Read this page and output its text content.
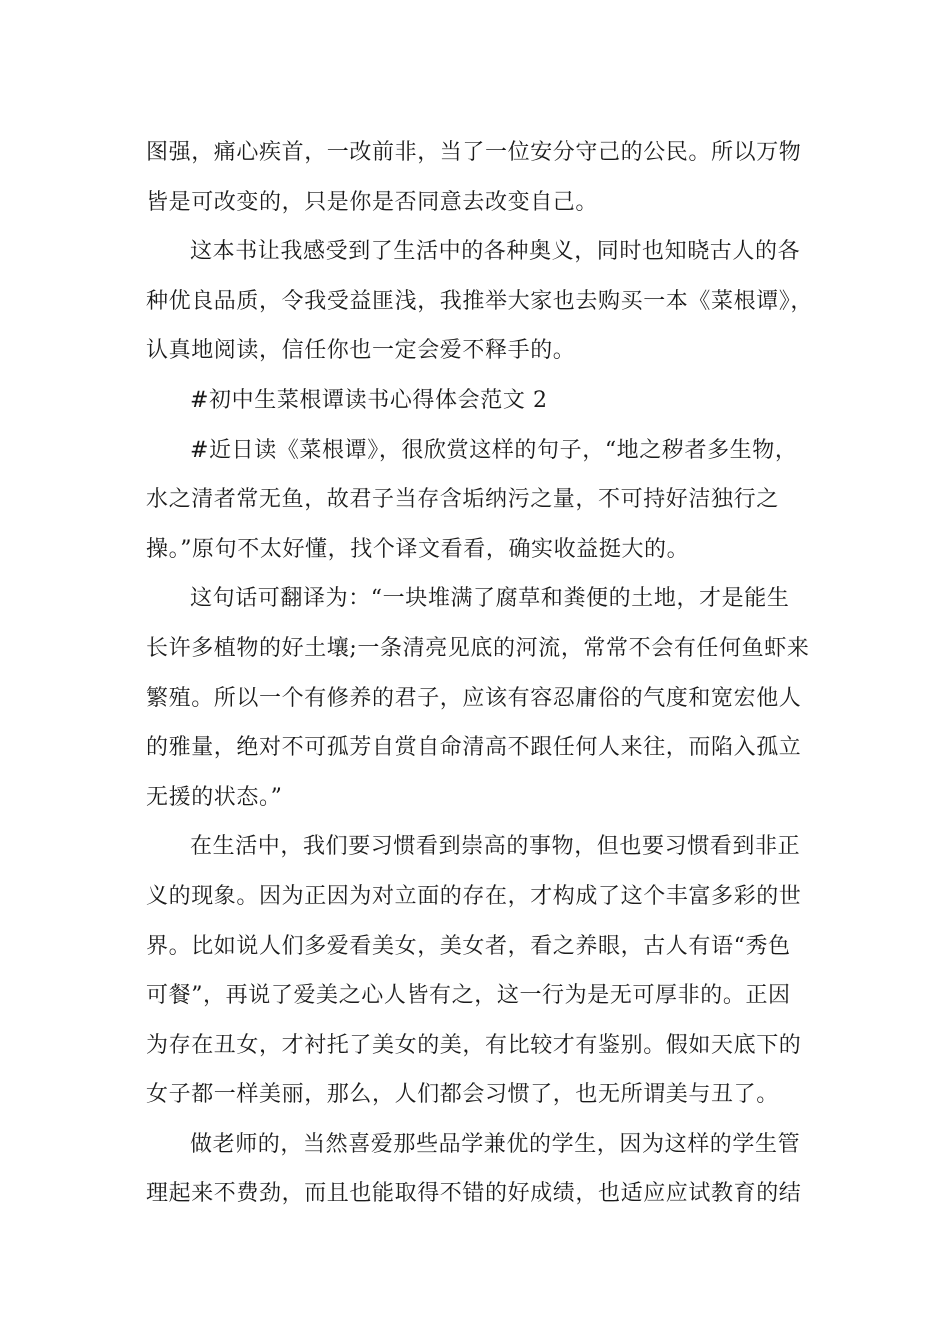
图强，痛心疾首，一改前非，当了一位安分守己的公民。所以万物
皆是可改变的，只是你是否同意去改变自己。
这本书让我感受到了生活中的各种奥义，同时也知晓古人的各
种优良品质，令我受益匪浅，我推举大家也去购买一本《菜根谭》，
认真地阅读，信任你也一定会爱不释手的。
#初中生菜根谭读书心得体会范文 2
#近日读《菜根谭》，很欣赏这样的句子，“地之秽者多生物，
水之清者常无鱼，故君子当存含垢纳污之量，不可持好洁独行之
操。”原句不太好懂，找个译文看看，确实收益挺大的。
这句话可翻译为：“一块堆满了腐草和粪便的土地，才是能生
长许多植物的好土壤;一条清亮见底的河流，常常不会有任何鱼虾来
繁殖。所以一个有修养的君子，应该有容忍庸俗的气度和宽宏他人
的雅量，绝对不可孤芳自赏自命清高不跟任何人来往，而陷入孤立
无援的状态。”
在生活中，我们要习惯看到崇高的事物，但也要习惯看到非正
义的现象。因为正因为对立面的存在，才构成了这个丰富多彩的世
界。比如说人们多爱看美女，美女者，看之养眼，古人有语“秀色
可餐”，再说了爱美之心人皆有之，这一行为是无可厚非的。正因
为存在丑女，才衬托了美女的美，有比较才有鉴别。假如天底下的
女子都一样美丽，那么，人们都会习惯了，也无所谓美与丑了。
做老师的，当然喜爱那些品学兼优的学生，因为这样的学生管
理起来不费劲，而且也能取得不错的好成绩，也适应应试教育的结
